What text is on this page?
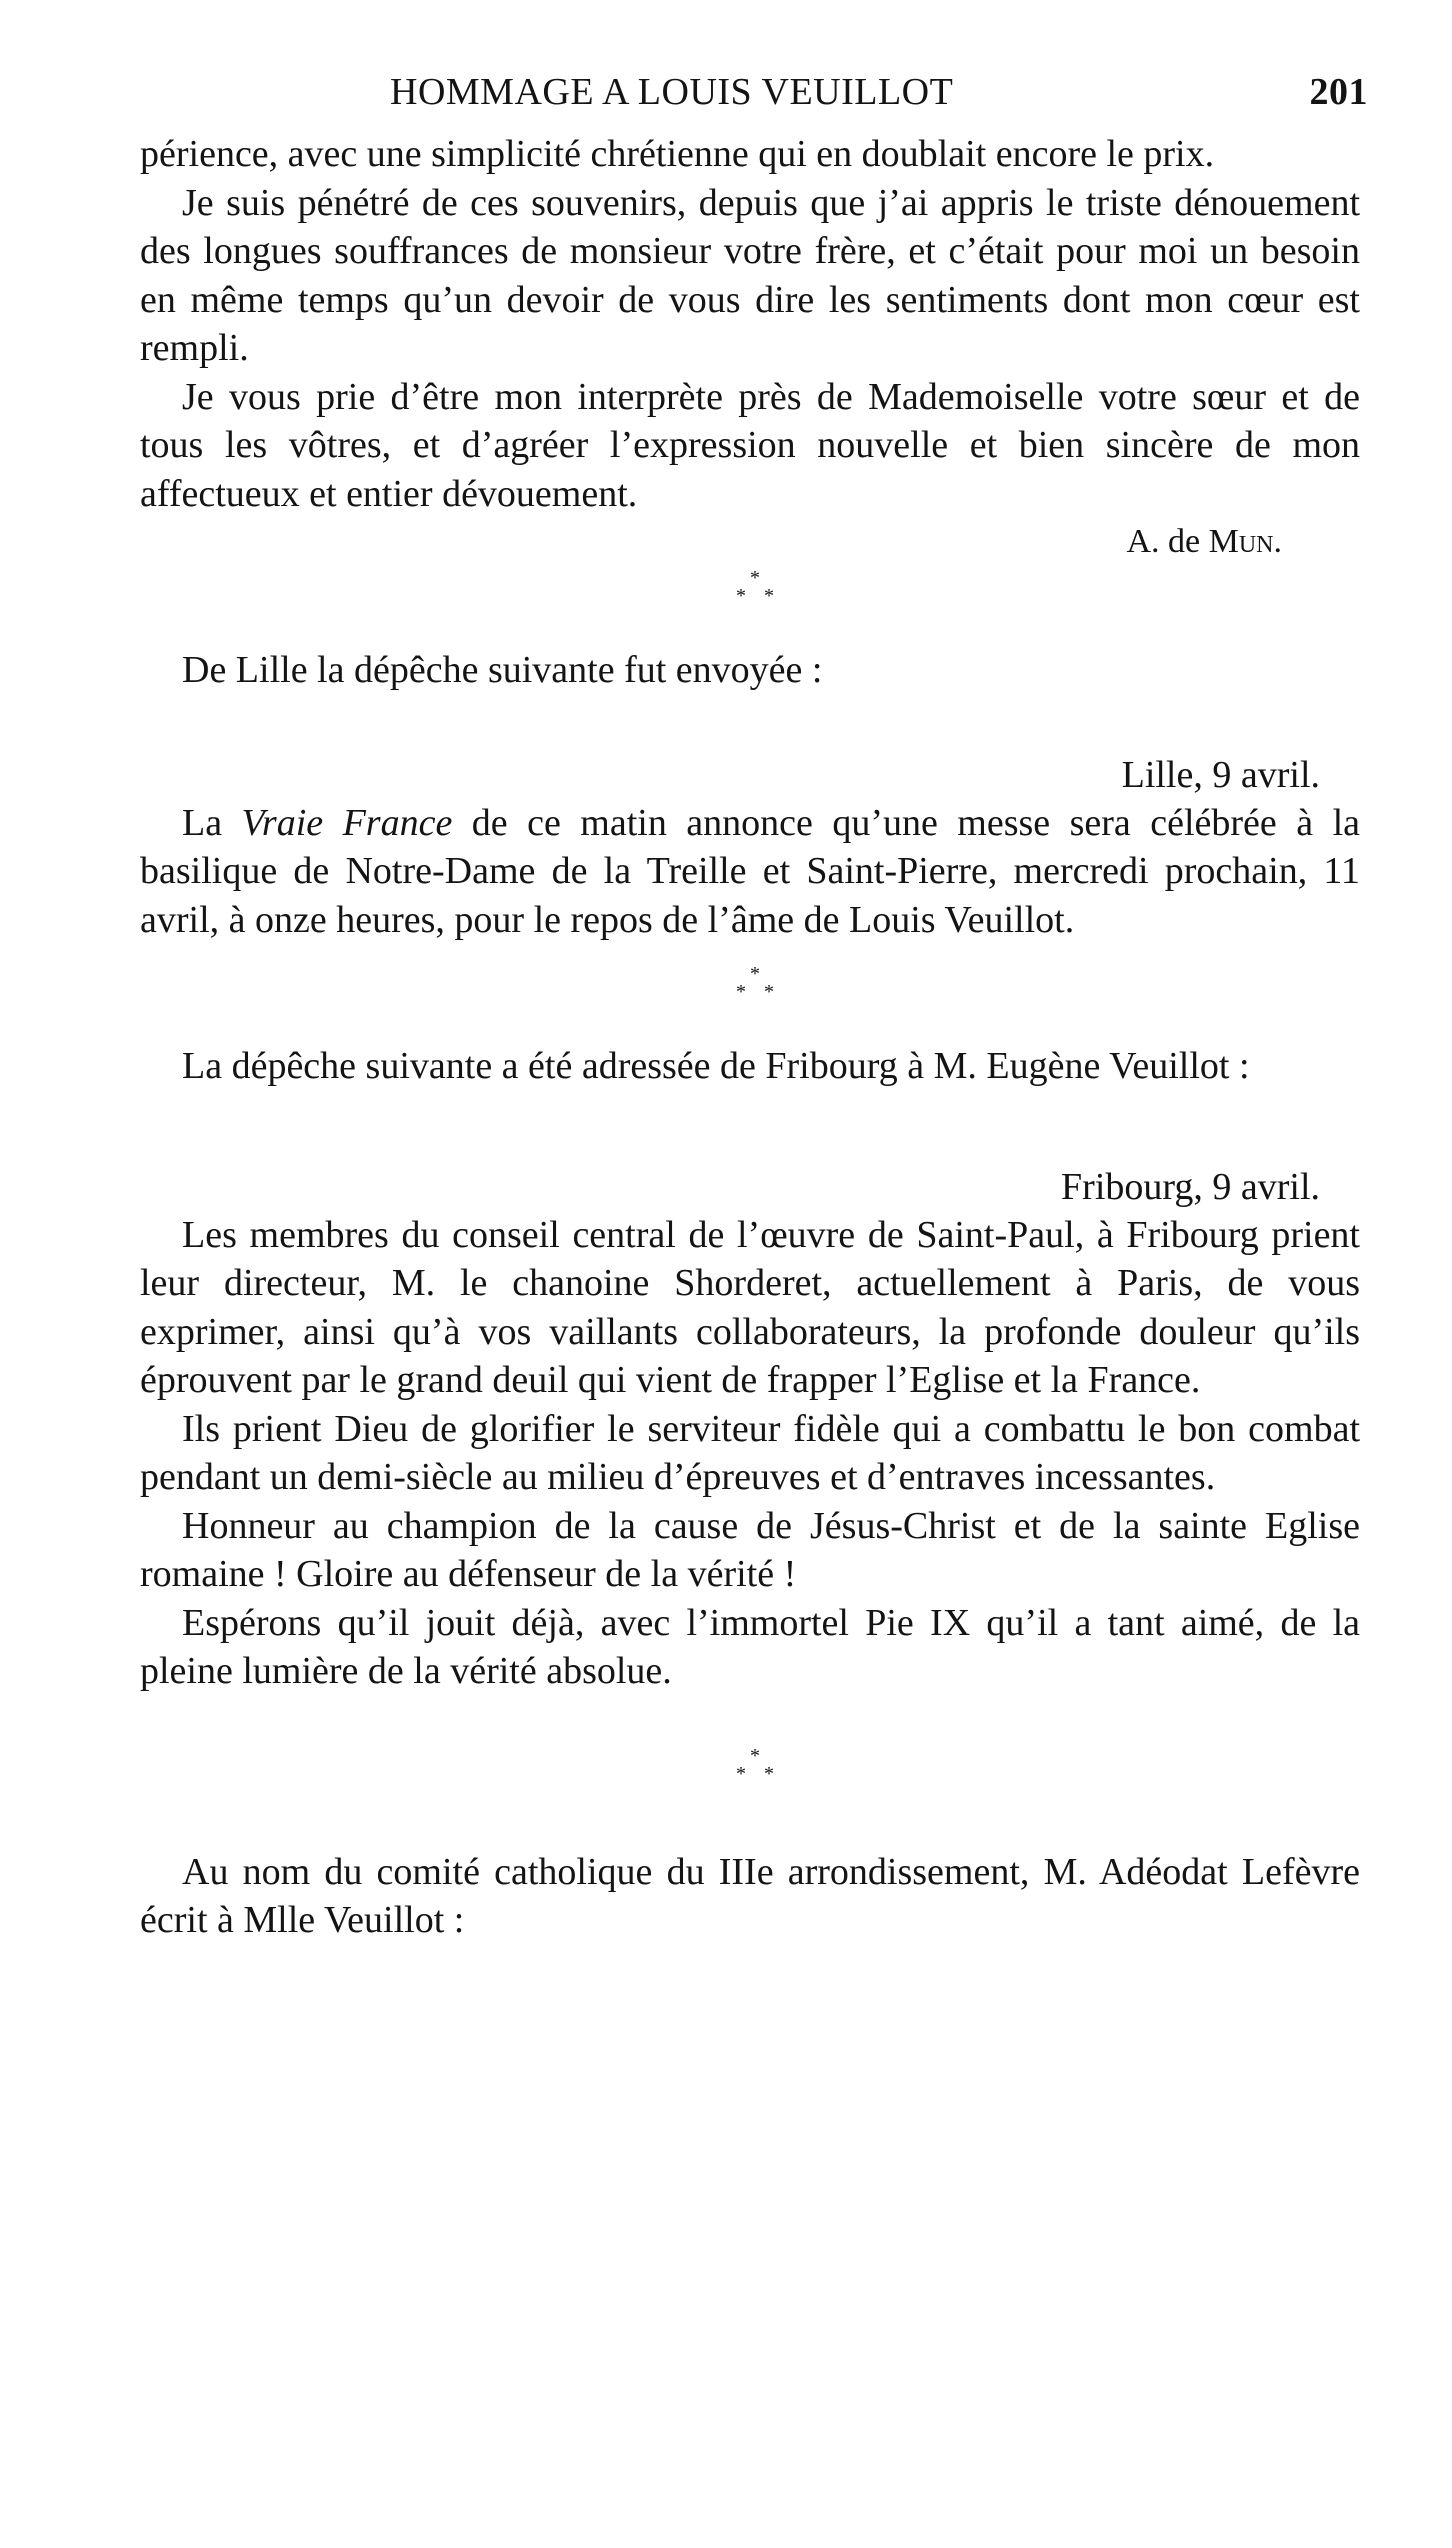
HOMMAGE A LOUIS VEUILLOT	201

périence, avec une simplicité chrétienne qui en doublait encore le prix.

Je suis pénétré de ces souvenirs, depuis que j’ai appris le triste dénouement des longues souffrances de monsieur votre frère, et c’était pour moi un besoin en même temps qu’un devoir de vous dire les sentiments dont mon cœur est rempli.

Je vous prie d’être mon interprète près de Mademoiselle votre sœur et de tous les vôtres, et d’agréer l’expression nouvelle et bien sincère de mon affectueux et entier dévouement.

A. de Mun.
*
* *

De Lille la dépêche suivante fut envoyée :

Lille, 9 avril.

La Vraie France de ce matin annonce qu’une messe sera célébrée à la basilique de Notre-Dame de la Treille et Saint-Pierre, mercredi prochain, 11 avril, à onze heures, pour le repos de l’âme de Louis Veuillot.

*
* *

La dépêche suivante a été adressée de Fribourg à M. Eugène Veuillot :

Fribourg, 9 avril.

Les membres du conseil central de l’œuvre de Saint-Paul, à Fribourg prient leur directeur, M. le chanoine Shorderet, actuellement à Paris, de vous exprimer, ainsi qu’à vos vaillants collaborateurs, la profonde douleur qu’ils éprouvent par le grand deuil qui vient de frapper l’Eglise et la France.

Ils prient Dieu de glorifier le serviteur fidèle qui a combattu le bon combat pendant un demi-siècle au milieu d’épreuves et d’entraves incessantes.

Honneur au champion de la cause de Jésus-Christ et de la sainte Eglise romaine ! Gloire au défenseur de la vérité !

Espérons qu’il jouit déjà, avec l’immortel Pie IX qu’il a tant aimé, de la pleine lumière de la vérité absolue.

*
* *

Au nom du comité catholique du IIIe arrondissement, M. Adéodat Lefèvre écrit à Mlle Veuillot :
